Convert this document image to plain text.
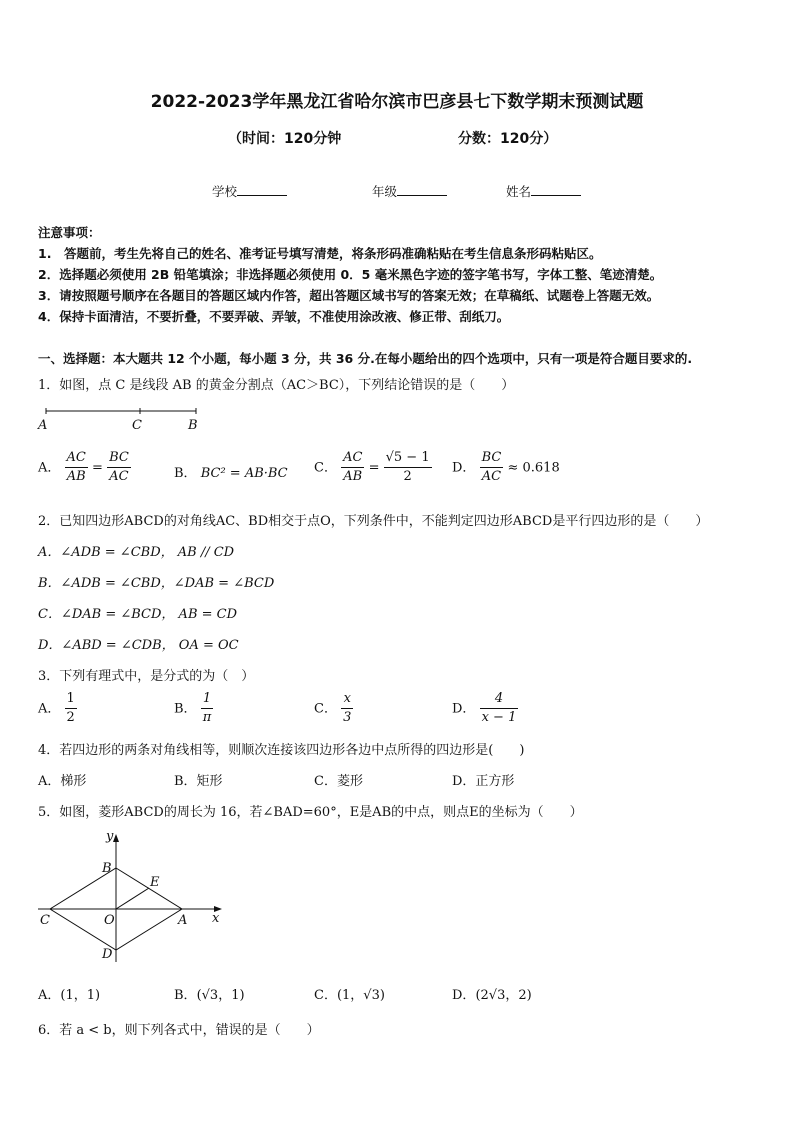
2022-2023学年黑龙江省哈尔滨市巴彦县七下数学期末预测试题
（时间：120分钟	分数：120分）
学校	年级	姓名
注意事项：
1.　答题前，考生先将自己的姓名、准考证号填写清楚，将条形码准确粘贴在考生信息条形码粘贴区。
2．选择题必须使用 2B 铅笔填涂；非选择题必须使用 0．5 毫米黑色字迹的签字笔书写，字体工整、笔迹清楚。
3．请按照题号顺序在各题目的答题区域内作答，超出答题区域书写的答案无效；在草稿纸、试题卷上答题无效。
4．保持卡面清洁，不要折叠，不要弄破、弄皱，不准使用涂改液、修正带、刮纸刀。
一、选择题：本大题共 12 个小题，每小题 3 分，共 36 分.在每小题给出的四个选项中，只有一项是符合题目要求的.
1．如图，点 C 是线段 AB 的黄金分割点（AC＞BC），下列结论错误的是（　　）
A	C	B
A． $\frac{AC}{AB} = \frac{BC}{AC}$	B． BC² = AB·BC C． $\frac{AC}{AB} = \frac{√5 - 1}{2}$ D． $\frac{BC}{AC} \approx 0.618$
2．已知四边形ABCD的对角线AC、BD相交于点O，下列条件中，不能判定四边形ABCD是平行四边形的是（　　）
A．∠ADB = ∠CBD， AB // CD
B．∠ADB = ∠CBD，∠DAB = ∠BCD
C．∠DAB = ∠BCD， AB = CD
D．∠ABD = ∠CDB， OA = OC
3．下列有理式中，是分式的为（　）
A． $\frac{1}{2}$	B． $\frac{1}{\pi}$	C． $\frac{x}{3}$	D． $\frac{4}{x - 1}$
4．若四边形的两条对角线相等，则顺次连接该四边形各边中点所得的四边形是(　　)
A．梯形	B．矩形	C．菱形	D．正方形
5．如图，菱形ABCD的周长为 16，若∠BAD=60°，E是AB的中点，则点E的坐标为（　　）
y
x
B
E
C	O	A
D
A．(1，1)	B．(√3，1)	C．(1，√3)	D．(2√3，2)
6．若 a < b，则下列各式中，错误的是（　　）
